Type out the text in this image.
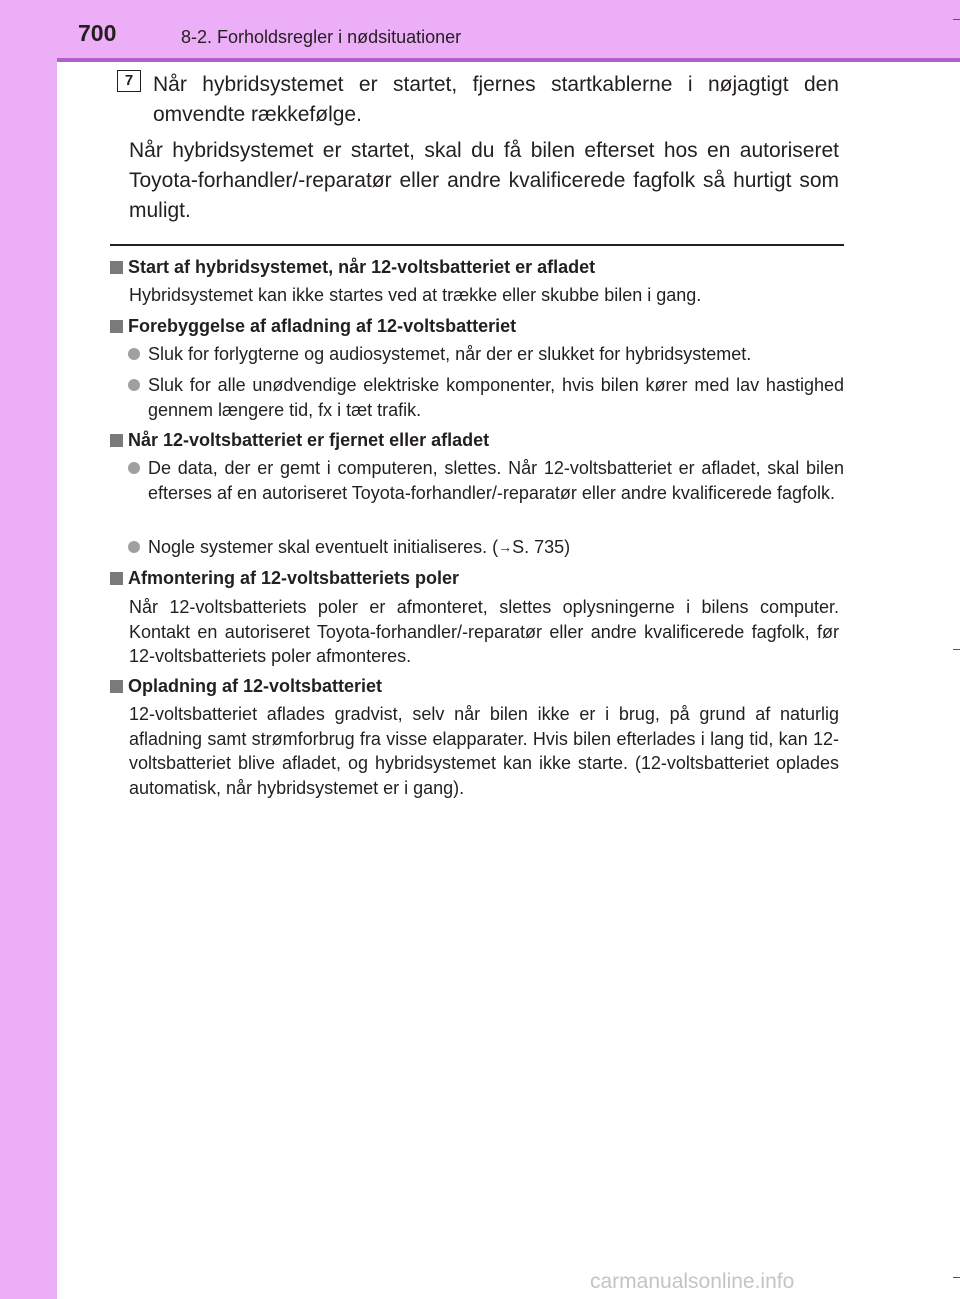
700	8-2. Forholdsregler i nødsituationer
7 Når hybridsystemet er startet, fjernes startkablerne i nøjagtigt den omvendte rækkefølge.
Når hybridsystemet er startet, skal du få bilen efterset hos en autoriseret Toyota-forhandler/-reparatør eller andre kvalificerede fagfolk så hurtigt som muligt.
Start af hybridsystemet, når 12-voltsbatteriet er afladet
Hybridsystemet kan ikke startes ved at trække eller skubbe bilen i gang.
Forebyggelse af afladning af 12-voltsbatteriet
Sluk for forlygterne og audiosystemet, når der er slukket for hybridsystemet.
Sluk for alle unødvendige elektriske komponenter, hvis bilen kører med lav hastighed gennem længere tid, fx i tæt trafik.
Når 12-voltsbatteriet er fjernet eller afladet
De data, der er gemt i computeren, slettes. Når 12-voltsbatteriet er afladet, skal bilen efterses af en autoriseret Toyota-forhandler/-reparatør eller andre kvalificerede fagfolk.
Nogle systemer skal eventuelt initialiseres. (→S. 735)
Afmontering af 12-voltsbatteriets poler
Når 12-voltsbatteriets poler er afmonteret, slettes oplysningerne i bilens computer. Kontakt en autoriseret Toyota-forhandler/-reparatør eller andre kvalificerede fagfolk, før 12-voltsbatteriets poler afmonteres.
Opladning af 12-voltsbatteriet
12-voltsbatteriet aflades gradvist, selv når bilen ikke er i brug, på grund af naturlig afladning samt strømforbrug fra visse elapparater. Hvis bilen efterlades i lang tid, kan 12-voltsbatteriet blive afladet, og hybridsystemet kan ikke starte. (12-voltsbatteriet oplades automatisk, når hybridsystemet er i gang).
carmanualsonline.info
